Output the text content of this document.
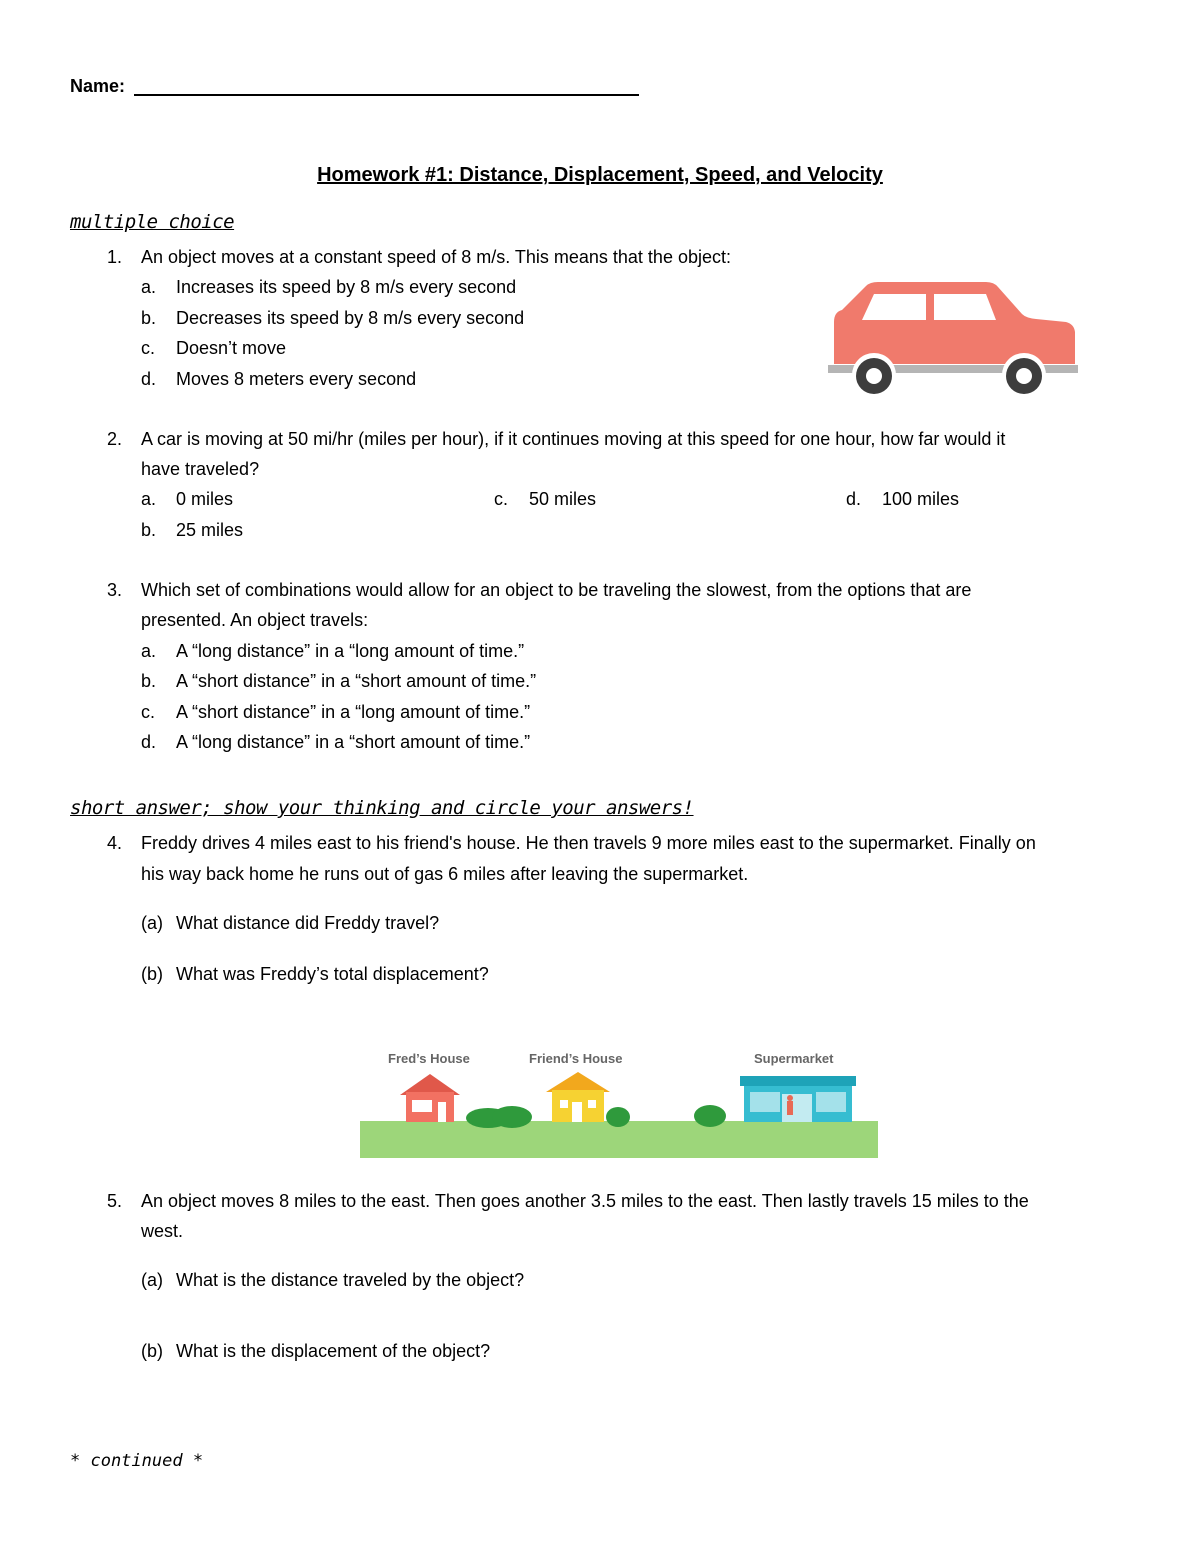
Name:
Homework #1: Distance, Displacement, Speed, and Velocity
multiple choice
1. An object moves at a constant speed of 8 m/s. This means that the object:
a. Increases its speed by 8 m/s every second
b. Decreases its speed by 8 m/s every second
c. Doesn’t move
d. Moves 8 meters every second
2. A car is moving at 50 mi/hr (miles per hour), if it continues moving at this speed for one hour, how far would it
have traveled?
a. 0 miles	c. 50 miles	d. 100 miles
b. 25 miles
3. Which set of combinations would allow for an object to be traveling the slowest, from the options that are
presented. An object travels:
a. A “long distance” in a “long amount of time.”
b. A “short distance” in a “short amount of time.”
c. A “short distance” in a “long amount of time.”
d. A “long distance” in a “short amount of time.”
short answer; show your thinking and circle your answers!
4. Freddy drives 4 miles east to his friend's house. He then travels 9 more miles east to the supermarket. Finally on
his way back home he runs out of gas 6 miles after leaving the supermarket.
(a) What distance did Freddy travel?
(b) What was Freddy’s total displacement?
Fred’s House	Friend’s House	Supermarket
5. An object moves 8 miles to the east. Then goes another 3.5 miles to the east. Then lastly travels 15 miles to the
west.
(a) What is the distance traveled by the object?
(b) What is the displacement of the object?
* continued *
